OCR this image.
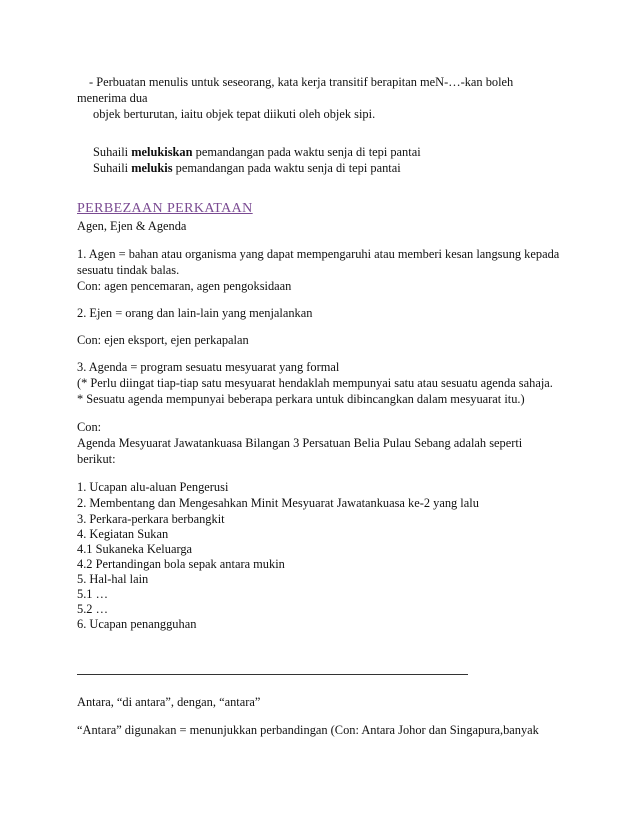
- Perbuatan menulis untuk seseorang, kata kerja transitif berapitan meN-…-kan boleh
menerima dua
objek berturutan, iaitu objek tepat diikuti oleh objek sipi.
Suhaili melukiskan pemandangan pada waktu senja di tepi pantai
Suhaili melukis pemandangan pada waktu senja di tepi pantai
PERBEZAAN PERKATAAN
Agen, Ejen & Agenda
1. Agen = bahan atau organisma yang dapat mempengaruhi atau memberi kesan langsung kepada
sesuatu tindak balas.
Con: agen pencemaran, agen pengoksidaan
2. Ejen = orang dan lain-lain yang menjalankan
Con: ejen eksport, ejen perkapalan
3. Agenda = program sesuatu mesyuarat yang formal
(* Perlu diingat tiap-tiap satu mesyuarat hendaklah mempunyai satu atau sesuatu agenda sahaja.
* Sesuatu agenda mempunyai beberapa perkara untuk dibincangkan dalam mesyuarat itu.)
Con:
Agenda Mesyuarat Jawatankuasa Bilangan 3 Persatuan Belia Pulau Sebang adalah seperti
berikut:
1. Ucapan alu-aluan Pengerusi
2. Membentang dan Mengesahkan Minit Mesyuarat Jawatankuasa ke-2 yang lalu
3. Perkara-perkara berbangkit
4. Kegiatan Sukan
4.1 Sukaneka Keluarga
4.2 Pertandingan bola sepak antara mukin
5. Hal-hal lain
5.1 …
5.2 …
6. Ucapan penangguhan
Antara, “di antara”, dengan, “antara”
“Antara” digunakan = menunjukkan perbandingan (Con: Antara Johor dan Singapura,banyak
